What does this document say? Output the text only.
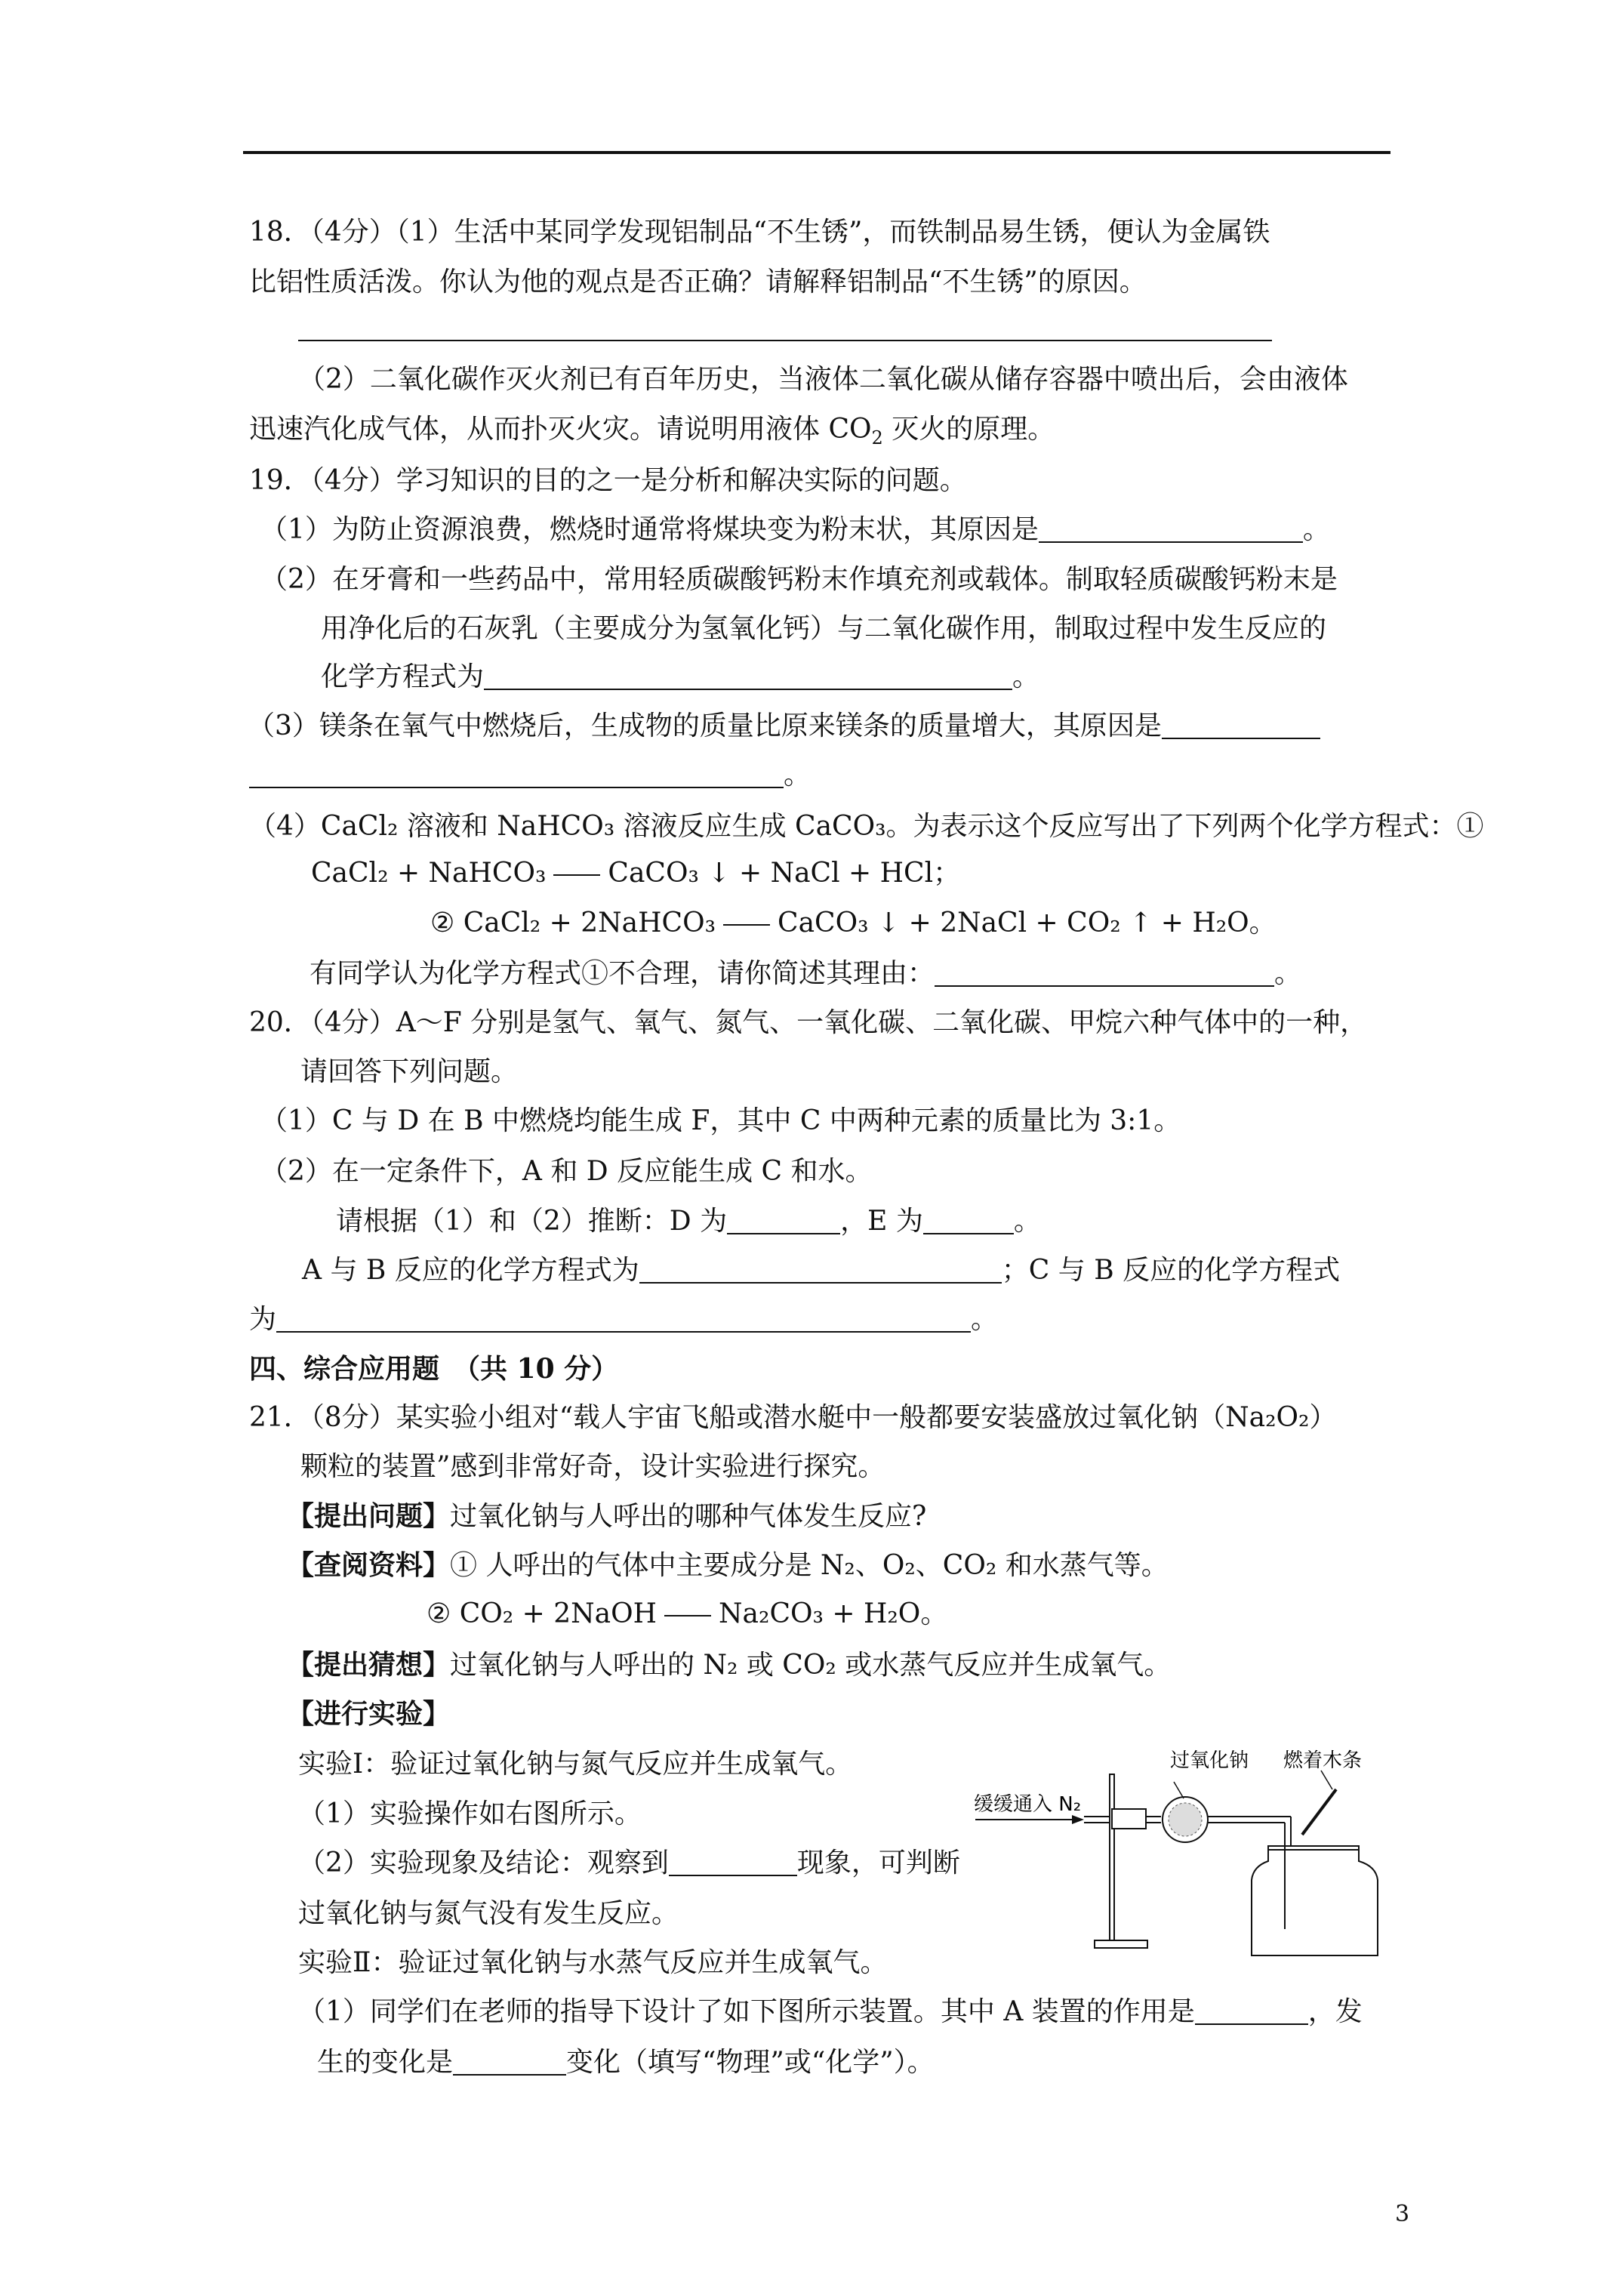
18．（4分）（1）生活中某同学发现铝制品“不生锈”，而铁制品易生锈，便认为金属铁
比铝性质活泼。你认为他的观点是否正确？请解释铝制品“不生锈”的原因。
（2）二氧化碳作灭火剂已有百年历史，当液体二氧化碳从储存容器中喷出后，会由液体
迅速汽化成气体，从而扑灭火灾。请说明用液体 $CO_2$ 灭火的原理。
19．（4分）学习知识的目的之一是分析和解决实际的问题。
（1）为防止资源浪费，燃烧时通常将煤块变为粉末状，其原因是	。
（2）在牙膏和一些药品中，常用轻质碳酸钙粉末作填充剂或载体。制取轻质碳酸钙粉末是
用净化后的石灰乳（主要成分为氢氧化钙）与二氧化碳作用，制取过程中发生反应的
化学方程式为	。
（3）镁条在氧气中燃烧后，生成物的质量比原来镁条的质量增大，其原因是
。
（4）CaCl₂ 溶液和 NaHCO₃ 溶液反应生成 CaCO₃。为表示这个反应写出了下列两个化学方程式：①
CaCl₂ + NaHCO₃ CaCO₃ ↓ + NaCl + HCl；
② CaCl₂ + 2NaHCO₃ CaCO₃ ↓ + 2NaCl + CO₂ ↑ + H₂O。
有同学认为化学方程式①不合理，请你简述其理由：	。
20．（4分）A～F 分别是氢气、氧气、氮气、一氧化碳、二氧化碳、甲烷六种气体中的一种，
请回答下列问题。
（1）C 与 D 在 B 中燃烧均能生成 F，其中 C 中两种元素的质量比为 3:1。
（2）在一定条件下，A 和 D 反应能生成 C 和水。
请根据（1）和（2）推断：D 为	，E 为	。
A 与 B 反应的化学方程式为	；C 与 B 反应的化学方程式
为	。
四、综合应用题　（共 10 分）
21．（8分）某实验小组对“载人宇宙飞船或潜水艇中一般都要安装盛放过氧化钠（Na₂O₂）
颗粒的装置”感到非常好奇，设计实验进行探究。
【提出问题】过氧化钠与人呼出的哪种气体发生反应?
【查阅资料】① 人呼出的气体中主要成分是 N₂、O₂、CO₂ 和水蒸气等。
② CO₂ + 2NaOH Na₂CO₃ + H₂O。
【提出猜想】过氧化钠与人呼出的 N₂ 或 CO₂ 或水蒸气反应并生成氧气。
【进行实验】
实验Ⅰ：验证过氧化钠与氮气反应并生成氧气。
（1）实验操作如右图所示。
（2）实验现象及结论：观察到	现象，可判断
过氧化钠与氮气没有发生反应。
实验Ⅱ：验证过氧化钠与水蒸气反应并生成氧气。
（1）同学们在老师的指导下设计了如下图所示装置。其中 A 装置的作用是	，发
生的变化是	变化（填写“物理”或“化学”）。
过氧化钠 燃着木条
缓缓通入 N₂
3
